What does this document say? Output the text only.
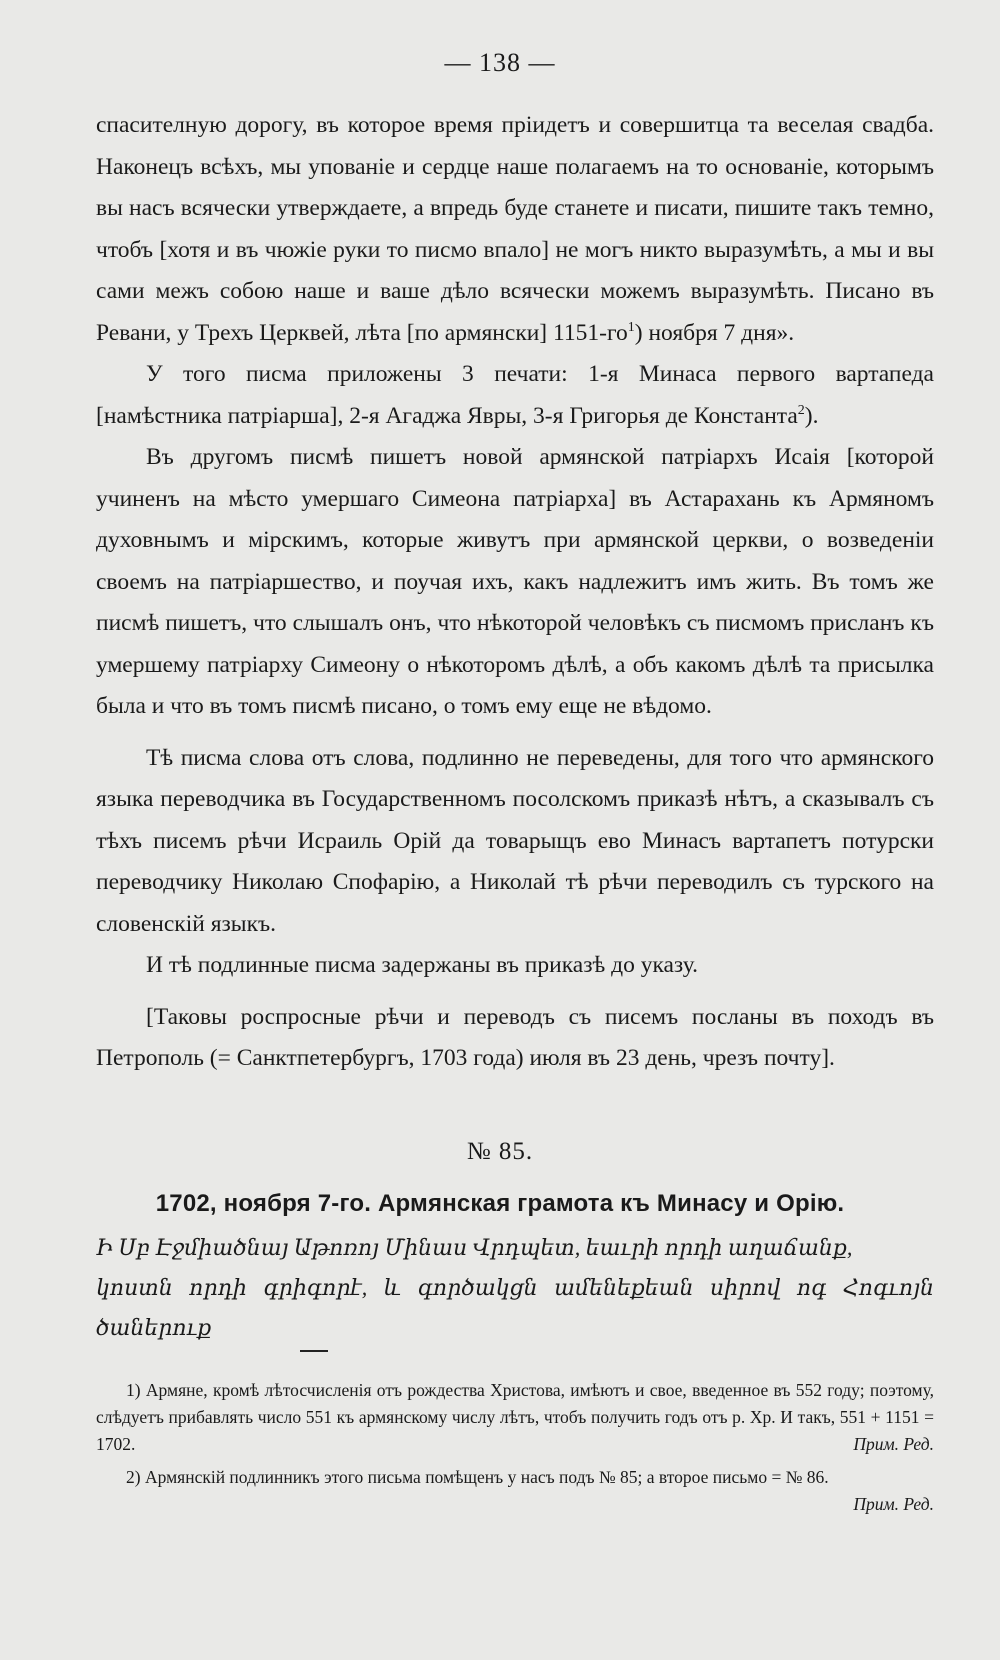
— 138 —

спасителную дорогу, въ которое время пріидетъ и совершитца та веселая свадба. Наконецъ всѣхъ, мы упованіе и сердце наше полагаемъ на то основаніе, которымъ вы насъ всячески утверждаете, а впредь буде станете и писати, пишите такъ темно, чтобъ [хотя и въ чюжіе руки то писмо впало] не могъ никто выразумѣть, а мы и вы сами межъ собою наше и ваше дѣло всячески можемъ выразумѣть. Писано въ Ревани, у Трехъ Церквей, лѣта [по армянски] $1151-го^1$) ноября 7 дня».

У того писма приложены 3 печати: 1-я Минаса первого вартапеда [намѣстника патріарша], 2-я Агаджа Явры, 3-я Григорья де Константа$^2$).

Въ другомъ писмѣ пишетъ новой армянской патріархъ Исаія [которой учиненъ на мѣсто умершаго Симеона патріарха] въ Астарахань къ Армяномъ духовнымъ и мірскимъ, которые живутъ при армянской церкви, о возведеніи своемъ на патріаршество, и поучая ихъ, какъ надлежитъ имъ жить. Въ томъ же писмѣ пишетъ, что слышалъ онъ, что нѣкоторой человѣкъ съ писмомъ присланъ къ умершему патріарху Симеону о нѣкоторомъ дѣлѣ, а объ какомъ дѣлѣ та присылка была и что въ томъ писмѣ писано, о томъ ему еще не вѣдомо.

Тѣ писма слова отъ слова, подлинно не переведены, для того что армянского языка переводчика въ Государственномъ посолскомъ приказѣ нѣтъ, а сказывалъ съ тѣхъ писемъ рѣчи Исраиль Орій да товарыщъ ево Минасъ вартапетъ потурски переводчику Николаю Спофарію, а Николай тѣ рѣчи переводилъ съ турского на словенскій языкъ.

И тѣ подлинные писма задержаны въ приказѣ до указу.

[Таковы роспросные рѣчи и переводъ съ писемъ посланы въ походъ въ Петрополь (= Санктпетербургъ, 1703 года) июля въ 23 день, чрезъ почту].

№ 85.
1702, ноября 7-го. Армянская грамота къ Минасу и Орію.

Ի Սբ Էջմիածնայ Աթոռոյ Մինաս Վրդպետ, եաւրի որդի աղաճանք,

կոստն որդի գրիգորէ, և գործակցն ամենեքեան սիրով ոգ Հոգւոյն ծաներուք

1) Армяне, кромѣ лѣтосчисленія отъ рождества Христова, имѣютъ и свое, введенное въ 552 году; поэтому, слѣдуетъ прибавлять число 551 къ армянскому числу лѣтъ, чтобъ получить годъ отъ р. Хр. И такъ, 551 + 1151 = 1702.	Прим. Ред.

2) Армянскій подлинникъ этого письма помѣщенъ у насъ подъ № 85; а второе письмо = № 86.
Прим. Ред.
